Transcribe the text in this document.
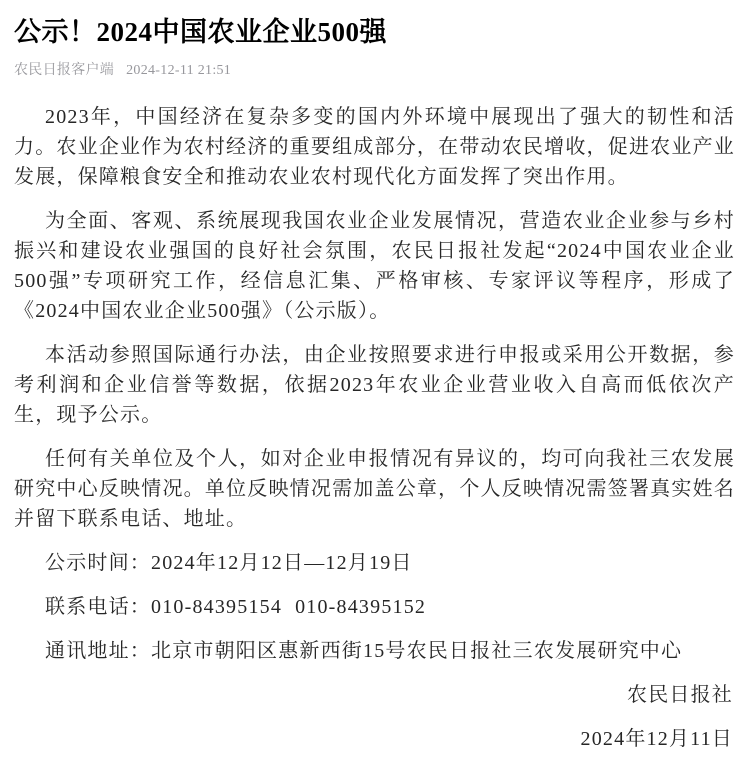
公示！2024中国农业企业500强
农民日报客户端 2024-12-11 21:51

2023年，中国经济在复杂多变的国内外环境中展现出了强大的韧性和活力。农业企业作为农村经济的重要组成部分，在带动农民增收，促进农业产业发展，保障粮食安全和推动农业农村现代化方面发挥了突出作用。

为全面、客观、系统展现我国农业企业发展情况，营造农业企业参与乡村振兴和建设农业强国的良好社会氛围，农民日报社发起“2024中国农业企业500强”专项研究工作，经信息汇集、严格审核、专家评议等程序，形成了《2024中国农业企业500强》（公示版）。

本活动参照国际通行办法，由企业按照要求进行申报或采用公开数据，参考利润和企业信誉等数据，依据2023年农业企业营业收入自高而低依次产生，现予公示。

任何有关单位及个人，如对企业申报情况有异议的，均可向我社三农发展研究中心反映情况。单位反映情况需加盖公章，个人反映情况需签署真实姓名并留下联系电话、地址。

公示时间：2024年12月12日—12月19日

联系电话：010-84395154 010-84395152

通讯地址：北京市朝阳区惠新西街15号农民日报社三农发展研究中心

农民日报社

2024年12月11日
